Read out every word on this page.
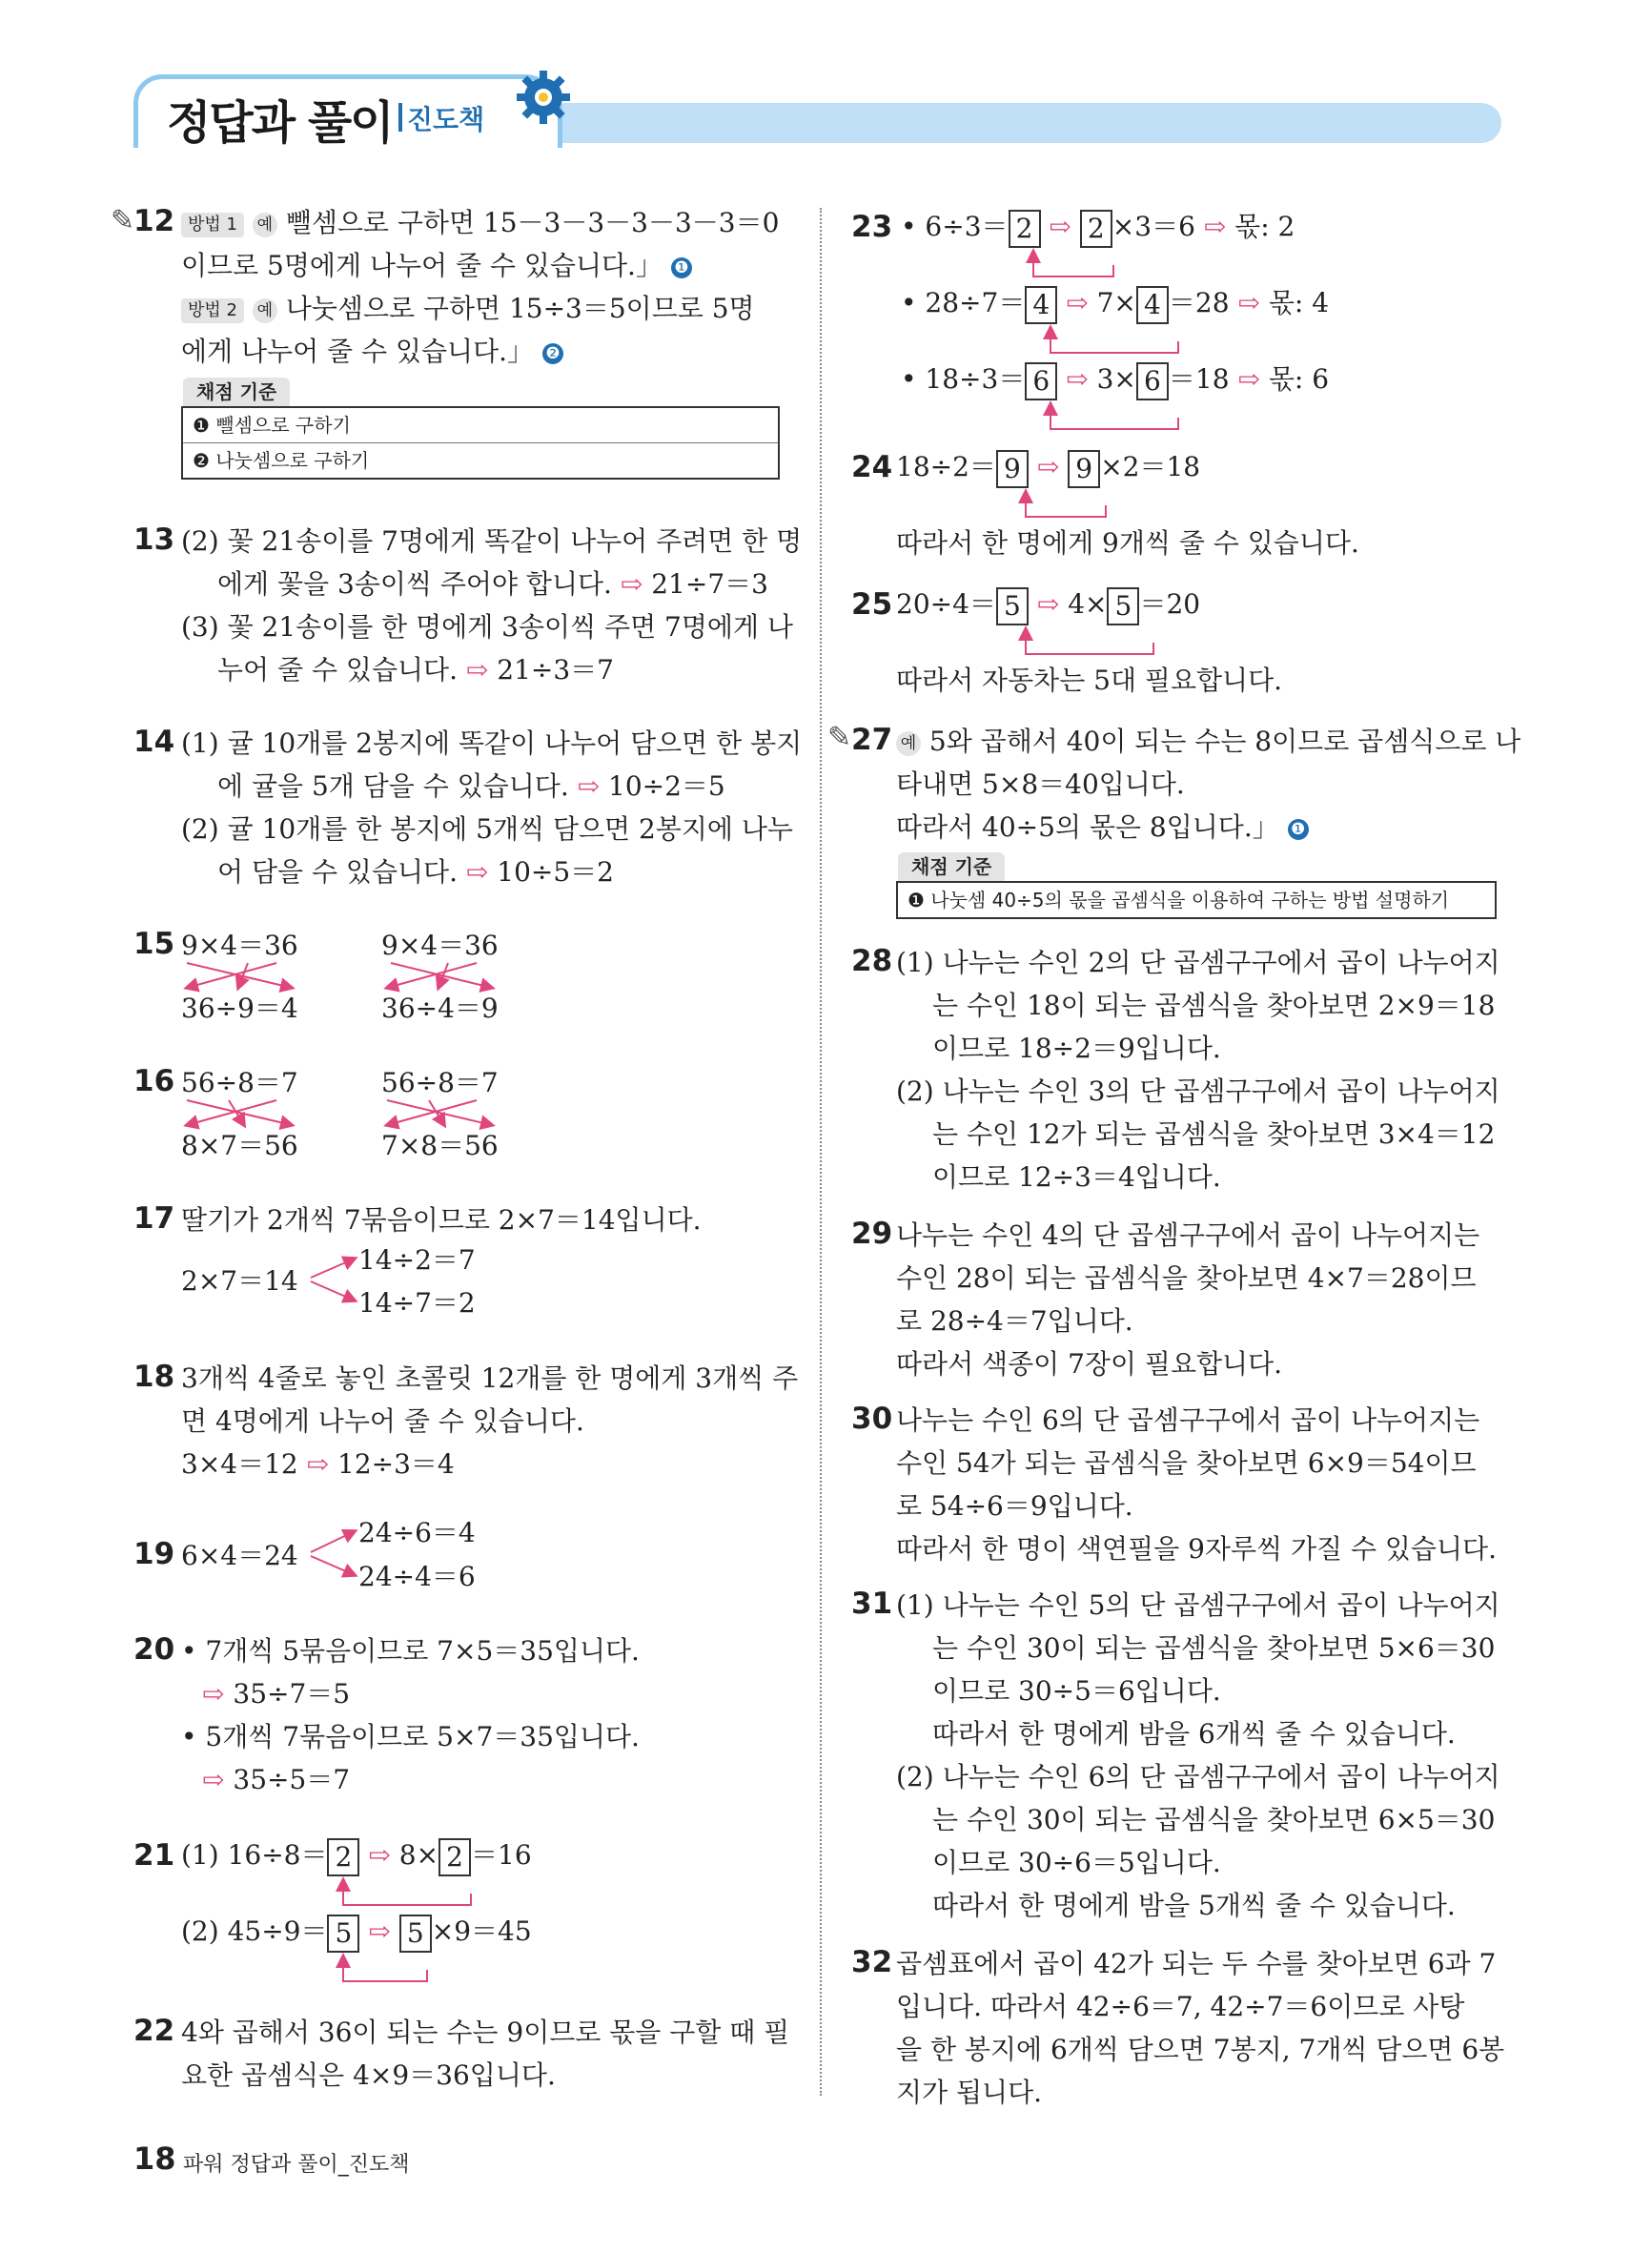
정답과 풀이 진도책
✎
12 방법 1 예 뺄셈으로 구하면 15－3－3－3－3－3＝0
이므로 5명에게 나누어 줄 수 있습니다.」 ❶
방법 2 예 나눗셈으로 구하면 15÷3＝5이므로 5명
에게 나누어 줄 수 있습니다.」 ❷
채점 기준
❶ 뺄셈으로 구하기
❷ 나눗셈으로 구하기
13 (2) 꽃 21송이를 7명에게 똑같이 나누어 주려면 한 명
에게 꽃을 3송이씩 주어야 합니다. ⇨ 21÷7＝3
(3) 꽃 21송이를 한 명에게 3송이씩 주면 7명에게 나
누어 줄 수 있습니다. ⇨ 21÷3＝7
14 (1) 귤 10개를 2봉지에 똑같이 나누어 담으면 한 봉지
에 귤을 5개 담을 수 있습니다. ⇨ 10÷2＝5
(2) 귤 10개를 한 봉지에 5개씩 담으면 2봉지에 나누
어 담을 수 있습니다. ⇨ 10÷5＝2
15 9×4＝36
36÷9＝4
9×4＝36
36÷4＝9
16 56÷8＝7
8×7＝56
56÷8＝7
7×8＝56
17 딸기가 2개씩 7묶음이므로 2×7＝14입니다.
2×7＝14
14÷2＝7
14÷7＝2
18 3개씩 4줄로 놓인 초콜릿 12개를 한 명에게 3개씩 주
면 4명에게 나누어 줄 수 있습니다.
3×4＝12 ⇨ 12÷3＝4
19 6×4＝24
24÷6＝4
24÷4＝6
20 • 7개씩 5묶음이므로 7×5＝35입니다.
⇨ 35÷7＝5
• 5개씩 7묶음이므로 5×7＝35입니다.
⇨ 35÷5＝7
21 (1) 16÷8＝ 2 ⇨ 8× 2 ＝16
(2) 45÷9＝ 5 ⇨ 5 ×9＝45
22 4와 곱해서 36이 되는 수는 9이므로 몫을 구할 때 필
요한 곱셈식은 4×9＝36입니다.
23 • 6÷3＝ 2 ⇨ 2 ×3＝6 ⇨ 몫: 2
• 28÷7＝ 4 ⇨ 7× 4 ＝28 ⇨ 몫: 4
• 18÷3＝ 6 ⇨ 3× 6 ＝18 ⇨ 몫: 6
24 18÷2＝ 9 ⇨ 9 ×2＝18
따라서 한 명에게 9개씩 줄 수 있습니다.
25 20÷4＝ 5 ⇨ 4× 5 ＝20
따라서 자동차는 5대 필요합니다.
✎ 27 예 5와 곱해서 40이 되는 수는 8이므로 곱셈식으로 나
타내면 5×8＝40입니다.
따라서 40÷5의 몫은 8입니다.」 ❶
채점 기준
❶ 나눗셈 40÷5의 몫을 곱셈식을 이용하여 구하는 방법 설명하기
28 (1) 나누는 수인 2의 단 곱셈구구에서 곱이 나누어지
는 수인 18이 되는 곱셈식을 찾아보면 2×9＝18
이므로 18÷2＝9입니다.
(2) 나누는 수인 3의 단 곱셈구구에서 곱이 나누어지
는 수인 12가 되는 곱셈식을 찾아보면 3×4＝12
이므로 12÷3＝4입니다.
29 나누는 수인 4의 단 곱셈구구에서 곱이 나누어지는
수인 28이 되는 곱셈식을 찾아보면 4×7＝28이므
로 28÷4＝7입니다.
따라서 색종이 7장이 필요합니다.
30 나누는 수인 6의 단 곱셈구구에서 곱이 나누어지는
수인 54가 되는 곱셈식을 찾아보면 6×9＝54이므
로 54÷6＝9입니다.
따라서 한 명이 색연필을 9자루씩 가질 수 있습니다.
31 (1) 나누는 수인 5의 단 곱셈구구에서 곱이 나누어지
는 수인 30이 되는 곱셈식을 찾아보면 5×6＝30
이므로 30÷5＝6입니다.
따라서 한 명에게 밤을 6개씩 줄 수 있습니다.
(2) 나누는 수인 6의 단 곱셈구구에서 곱이 나누어지
는 수인 30이 되는 곱셈식을 찾아보면 6×5＝30
이므로 30÷6＝5입니다.
따라서 한 명에게 밤을 5개씩 줄 수 있습니다.
32 곱셈표에서 곱이 42가 되는 두 수를 찾아보면 6과 7
입니다. 따라서 42÷6＝7, 42÷7＝6이므로 사탕
을 한 봉지에 6개씩 담으면 7봉지, 7개씩 담으면 6봉
지가 됩니다.
18 파워 정답과 풀이_진도책
